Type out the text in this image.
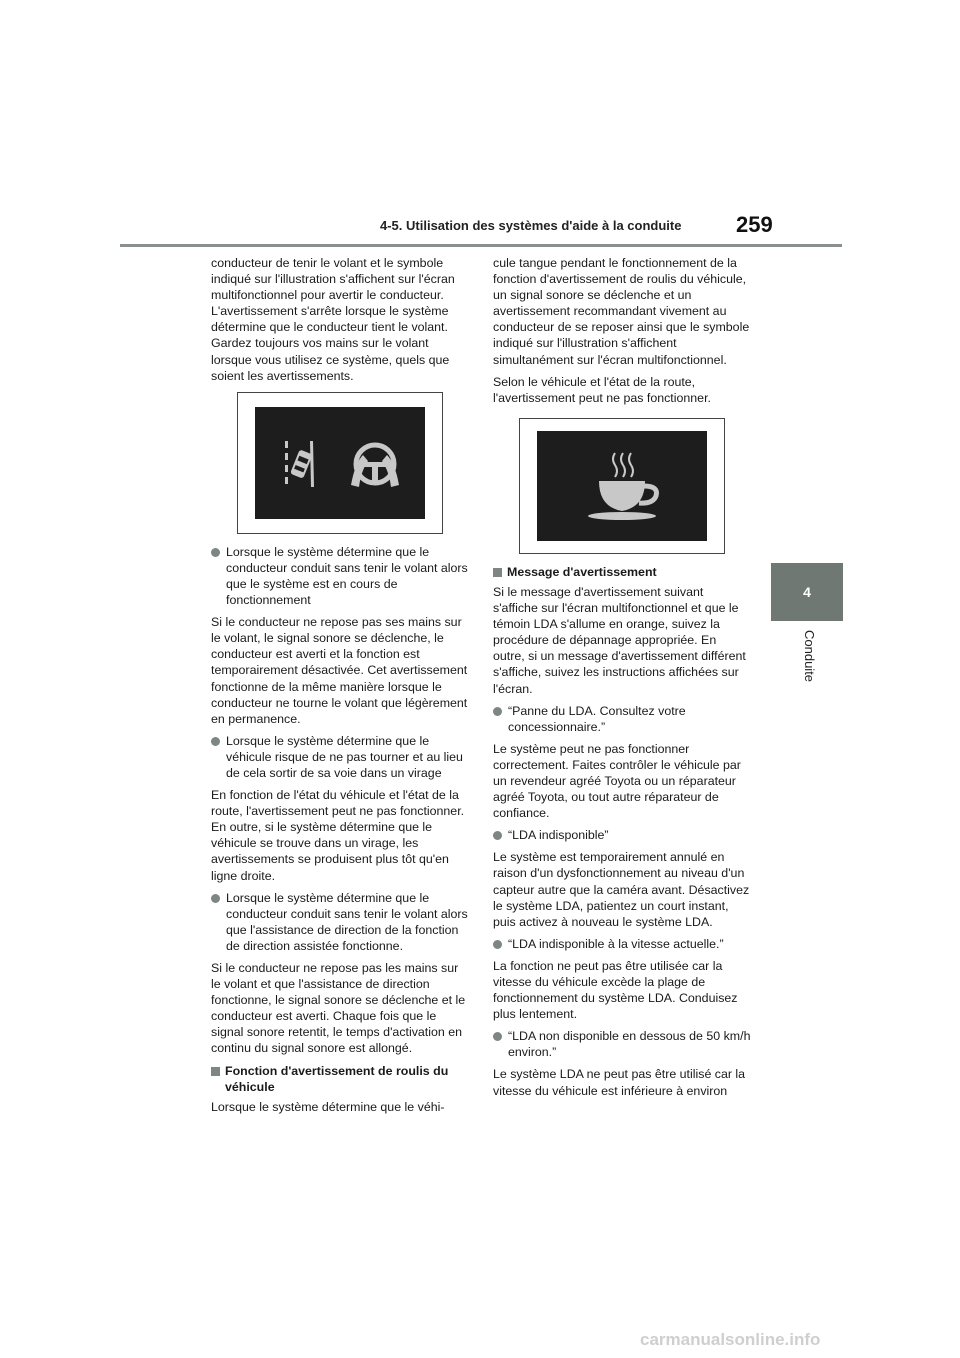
4-5. Utilisation des systèmes d'aide à la conduite	259
4
Conduite

conducteur de tenir le volant et le symbole indiqué sur l'illustration s'affichent sur l'écran multifonctionnel pour avertir le conducteur. L'avertissement s'arrête lorsque le système détermine que le conducteur tient le volant. Gardez toujours vos mains sur le volant lorsque vous utilisez ce système, quels que soient les avertissements.

Lorsque le système détermine que le conducteur conduit sans tenir le volant alors que le système est en cours de fonctionnement

Si le conducteur ne repose pas ses mains sur le volant, le signal sonore se déclenche, le conducteur est averti et la fonction est temporairement désactivée. Cet avertissement fonctionne de la même manière lorsque le conducteur ne tourne le volant que légèrement en permanence.

Lorsque le système détermine que le véhicule risque de ne pas tourner et au lieu de cela sortir de sa voie dans un virage

En fonction de l'état du véhicule et l'état de la route, l'avertissement peut ne pas fonctionner. En outre, si le système détermine que le véhicule se trouve dans un virage, les avertissements se produisent plus tôt qu'en ligne droite.

Lorsque le système détermine que le conducteur conduit sans tenir le volant alors que l'assistance de direction de la fonction de direction assistée fonctionne.

Si le conducteur ne repose pas les mains sur le volant et que l'assistance de direction fonctionne, le signal sonore se déclenche et le conducteur est averti. Chaque fois que le signal sonore retentit, le temps d'activation en continu du signal sonore est allongé.

Fonction d'avertissement de roulis du véhicule

Lorsque le système détermine que le véhi-

cule tangue pendant le fonctionnement de la fonction d'avertissement de roulis du véhicule, un signal sonore se déclenche et un avertissement recommandant vivement au conducteur de se reposer ainsi que le symbole indiqué sur l'illustration s'affichent simultanément sur l'écran multifonctionnel.

Selon le véhicule et l'état de la route, l'avertissement peut ne pas fonctionner.

Message d'avertissement

Si le message d'avertissement suivant s'affiche sur l'écran multifonctionnel et que le témoin LDA s'allume en orange, suivez la procédure de dépannage appropriée. En outre, si un message d'avertissement différent s'affiche, suivez les instructions affichées sur l'écran.

“Panne du LDA. Consultez votre concessionnaire.”

Le système peut ne pas fonctionner correctement. Faites contrôler le véhicule par un revendeur agréé Toyota ou un réparateur agréé Toyota, ou tout autre réparateur de confiance.

“LDA indisponible”

Le système est temporairement annulé en raison d'un dysfonctionnement au niveau d'un capteur autre que la caméra avant. Désactivez le système LDA, patientez un court instant, puis activez à nouveau le système LDA.

“LDA indisponible à la vitesse actuelle.”

La fonction ne peut pas être utilisée car la vitesse du véhicule excède la plage de fonctionnement du système LDA. Conduisez plus lentement.

“LDA non disponible en dessous de 50 km/h environ.”

Le système LDA ne peut pas être utilisé car la vitesse du véhicule est inférieure à environ

carmanualsonline.info
